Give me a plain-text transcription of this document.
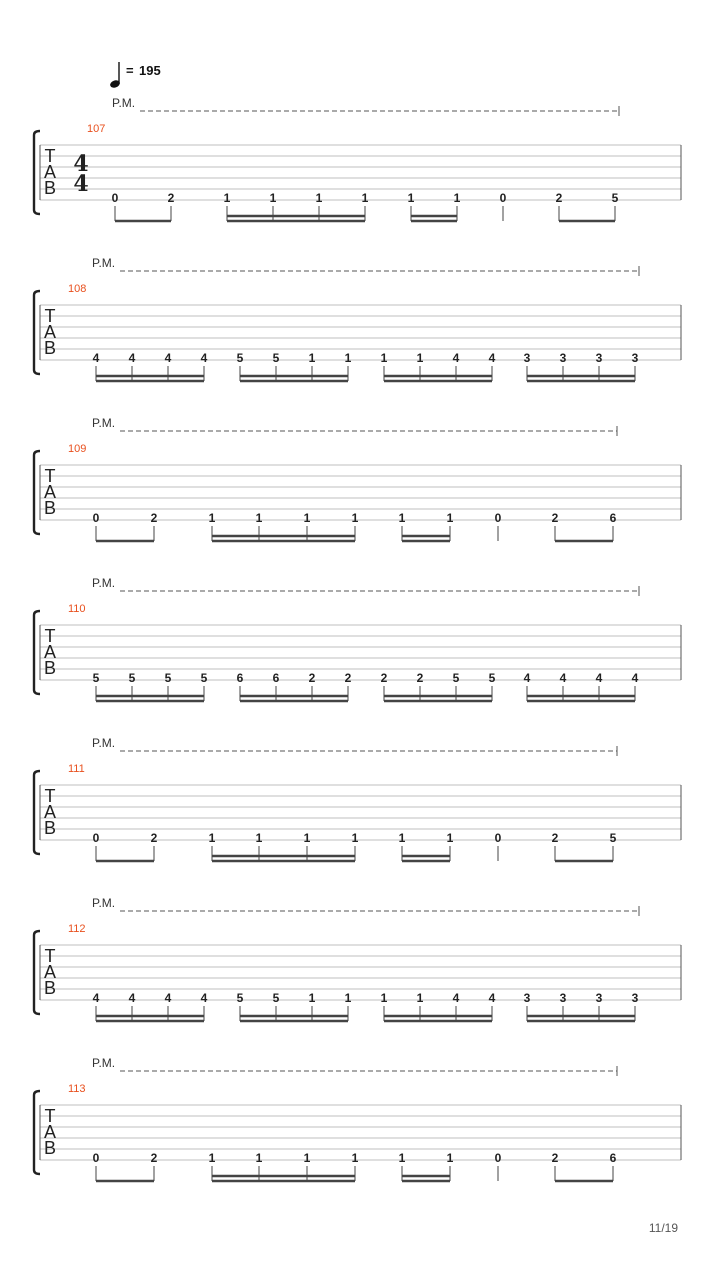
= 195
P.M.
107
T
A
B
4
4
0	2	1	1	1	1	1	1	0	2	5
P.M.
108
T
A
B	4 4 4 4 5 5 1 1 1 1 4 4 3 3 3 3
P.M.
109
T
A
B	0	2	1	1	1	1	1	1	0	2	6
P.M.
110
T
A
B	5 5 5 5 6 6 2 2 2 2 5 5 4 4 4 4
P.M.
111
T
A
B	0	2	1	1	1	1	1	1	0	2	5
P.M.
112
T
A
B	4 4 4 4 5 5 1 1 1 1 4 4 3 3 3 3
P.M.
113
T
A
B	0	2	1	1	1	1	1	1	0	2	6
11/19
